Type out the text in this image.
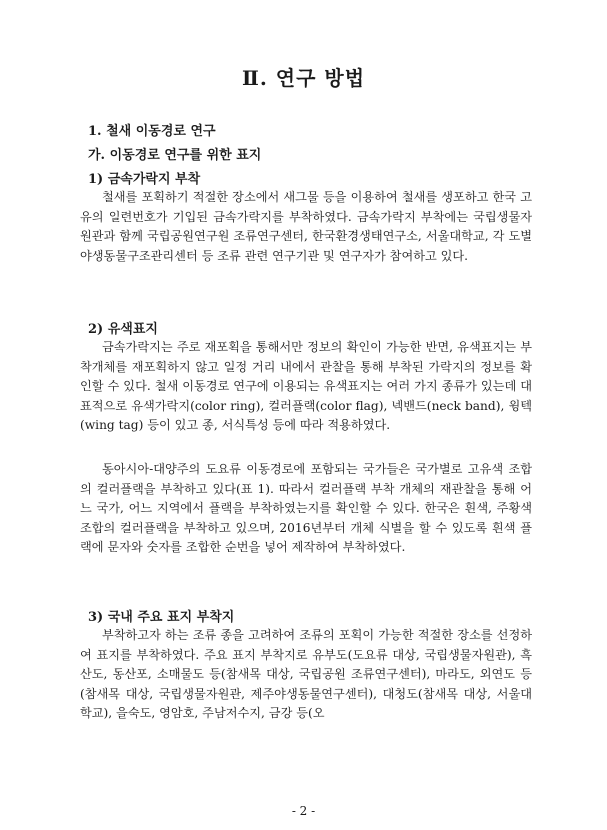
Ⅱ. 연구 방법
1. 철새 이동경로 연구
가. 이동경로 연구를 위한 표지
1) 금속가락지 부착

철새를 포획하기 적절한 장소에서 새그물 등을 이용하여 철새를 생포하고 한국 고유의 일련번호가 기입된 금속가락지를 부착하였다. 금속가락지 부착에는 국립생물자원관과 함께 국립공원연구원 조류연구센터, 한국환경생태연구소, 서울대학교, 각 도별 야생동물구조관리센터 등 조류 관련 연구기관 및 연구자가 참여하고 있다.

2) 유색표지

금속가락지는 주로 재포획을 통해서만 정보의 확인이 가능한 반면, 유색표지는 부착개체를 재포획하지 않고 일정 거리 내에서 관찰을 통해 부착된 가락지의 정보를 확인할 수 있다. 철새 이동경로 연구에 이용되는 유색표지는 여러 가지 종류가 있는데 대표적으로 유색가락지(color ring), 컬러플랙(color flag), 넥밴드(neck band), 윙텍(wing tag) 등이 있고 종, 서식특성 등에 따라 적용하였다.

동아시아-대양주의 도요류 이동경로에 포함되는 국가들은 국가별로 고유색 조합의 컬러플랙을 부착하고 있다(표 1). 따라서 컬러플랙 부착 개체의 재관찰을 통해 어느 국가, 어느 지역에서 플랙을 부착하였는지를 확인할 수 있다. 한국은 흰색, 주황색 조합의 컬러플랙을 부착하고 있으며, 2016년부터 개체 식별을 할 수 있도록 흰색 플랙에 문자와 숫자를 조합한 순번을 넣어 제작하여 부착하였다.

3) 국내 주요 표지 부착지

부착하고자 하는 조류 종을 고려하여 조류의 포획이 가능한 적절한 장소를 선정하여 표지를 부착하였다. 주요 표지 부착지로 유부도(도요류 대상, 국립생물자원관), 흑산도, 동산포, 소매물도 등(참새목 대상, 국립공원 조류연구센터), 마라도, 외연도 등(참새목 대상, 국립생물자원관, 제주야생동물연구센터), 대청도(참새목 대상, 서울대학교), 을숙도, 영암호, 주남저수지, 금강 등(오

- 2 -
